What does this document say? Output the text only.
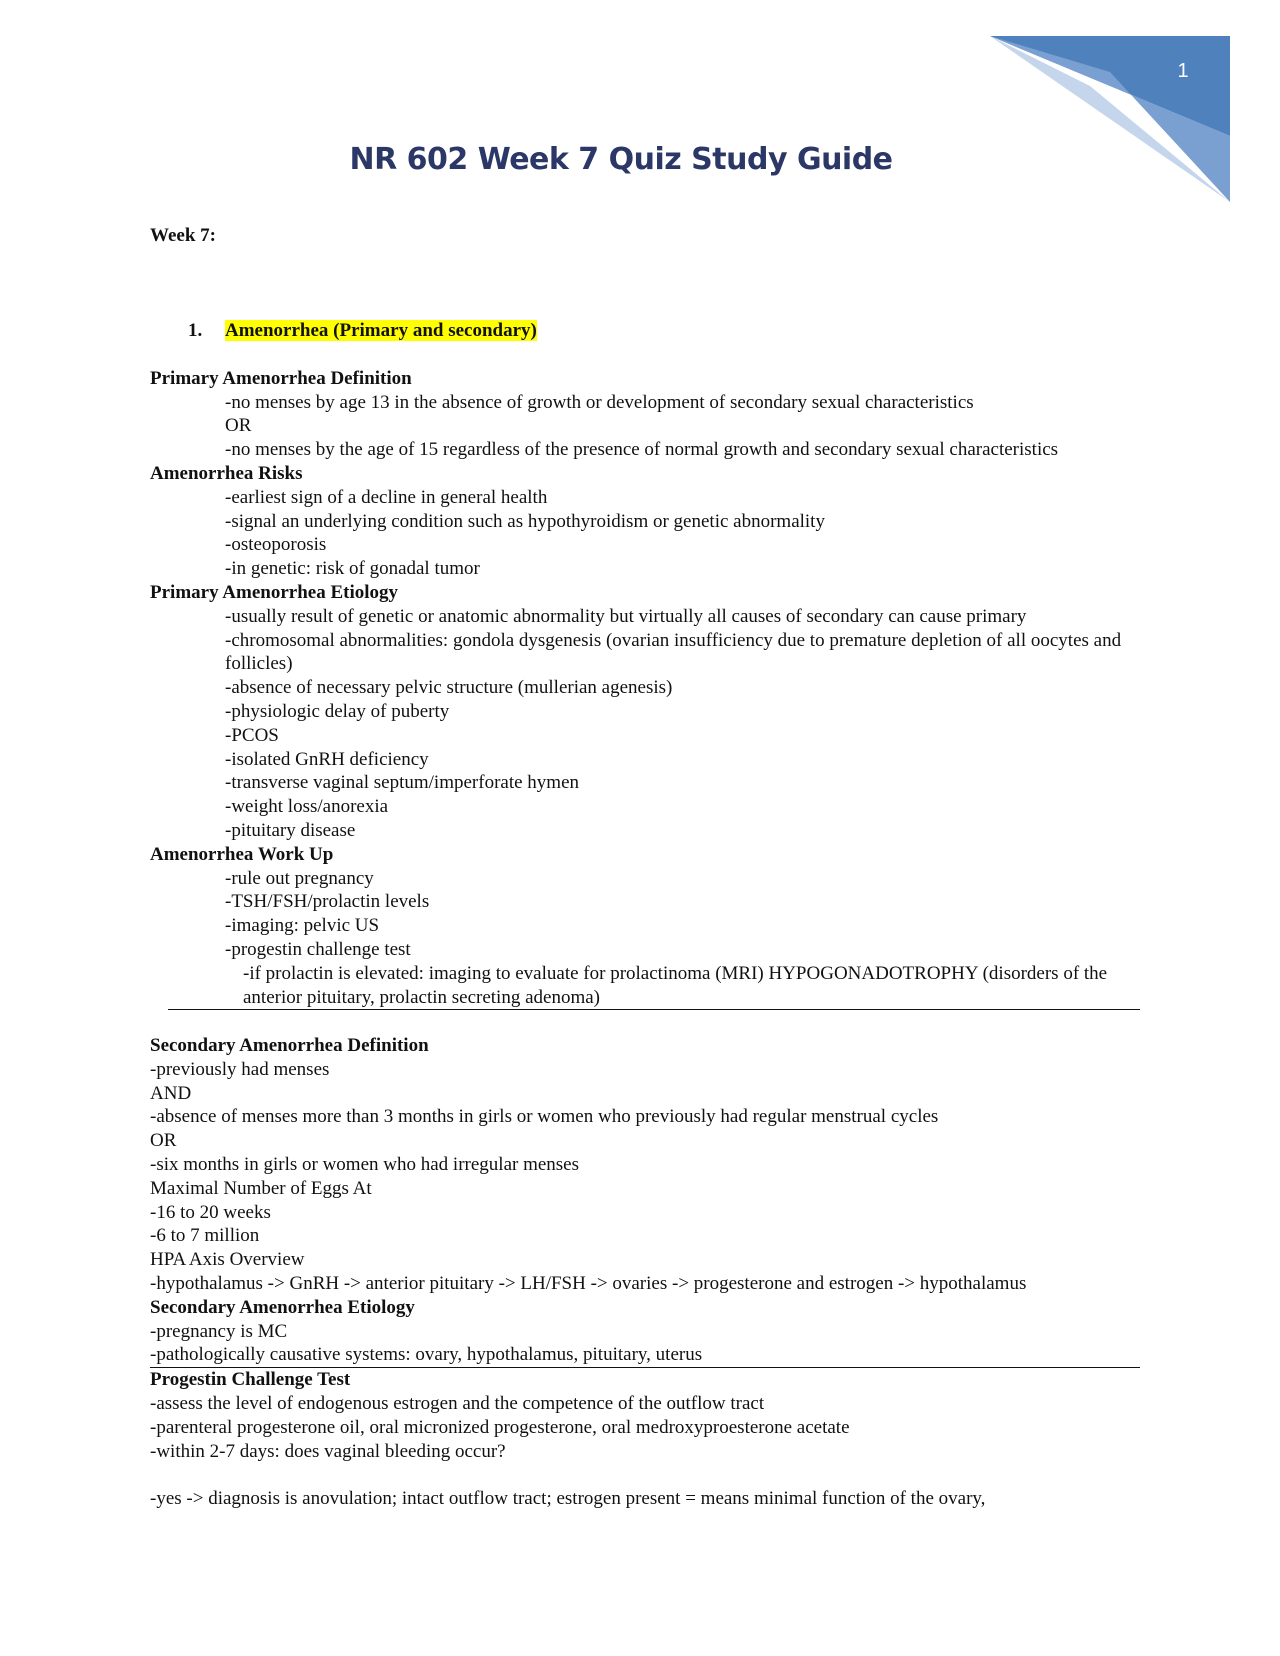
1
NR 602 Week 7 Quiz Study Guide

Week 7:

1.	Amenorrhea (Primary and secondary)

Primary Amenorrhea Definition

-no menses by age 13 in the absence of growth or development of secondary sexual characteristics

OR

-no menses by the age of 15 regardless of the presence of normal growth and secondary sexual characteristics

Amenorrhea Risks

-earliest sign of a decline in general health

-signal an underlying condition such as hypothyroidism or genetic abnormality

-osteoporosis

-in genetic: risk of gonadal tumor

Primary Amenorrhea Etiology

-usually result of genetic or anatomic abnormality but virtually all causes of secondary can cause primary

-chromosomal abnormalities: gondola dysgenesis (ovarian insufficiency due to premature depletion of all oocytes and follicles)

-absence of necessary pelvic structure (mullerian agenesis)

-physiologic delay of puberty

-PCOS

-isolated GnRH deficiency

-transverse vaginal septum/imperforate hymen

-weight loss/anorexia

-pituitary disease

Amenorrhea Work Up

-rule out pregnancy

-TSH/FSH/prolactin levels

-imaging: pelvic US

-progestin challenge test

-if prolactin is elevated: imaging to evaluate for prolactinoma (MRI) HYPOGONADOTROPHY (disorders of the anterior pituitary, prolactin secreting adenoma)

Secondary Amenorrhea Definition

-previously had menses

AND

-absence of menses more than 3 months in girls or women who previously had regular menstrual cycles

OR

-six months in girls or women who had irregular menses

Maximal Number of Eggs At

-16 to 20 weeks

-6 to 7 million

HPA Axis Overview

-hypothalamus -> GnRH -> anterior pituitary -> LH/FSH -> ovaries -> progesterone and estrogen -> hypothalamus

Secondary Amenorrhea Etiology

-pregnancy is MC

-pathologically causative systems: ovary, hypothalamus, pituitary, uterus

Progestin Challenge Test

-assess the level of endogenous estrogen and the competence of the outflow tract

-parenteral progesterone oil, oral micronized progesterone, oral medroxyproesterone acetate

-within 2-7 days: does vaginal bleeding occur?

-yes -> diagnosis is anovulation; intact outflow tract; estrogen present = means minimal function of the ovary,
